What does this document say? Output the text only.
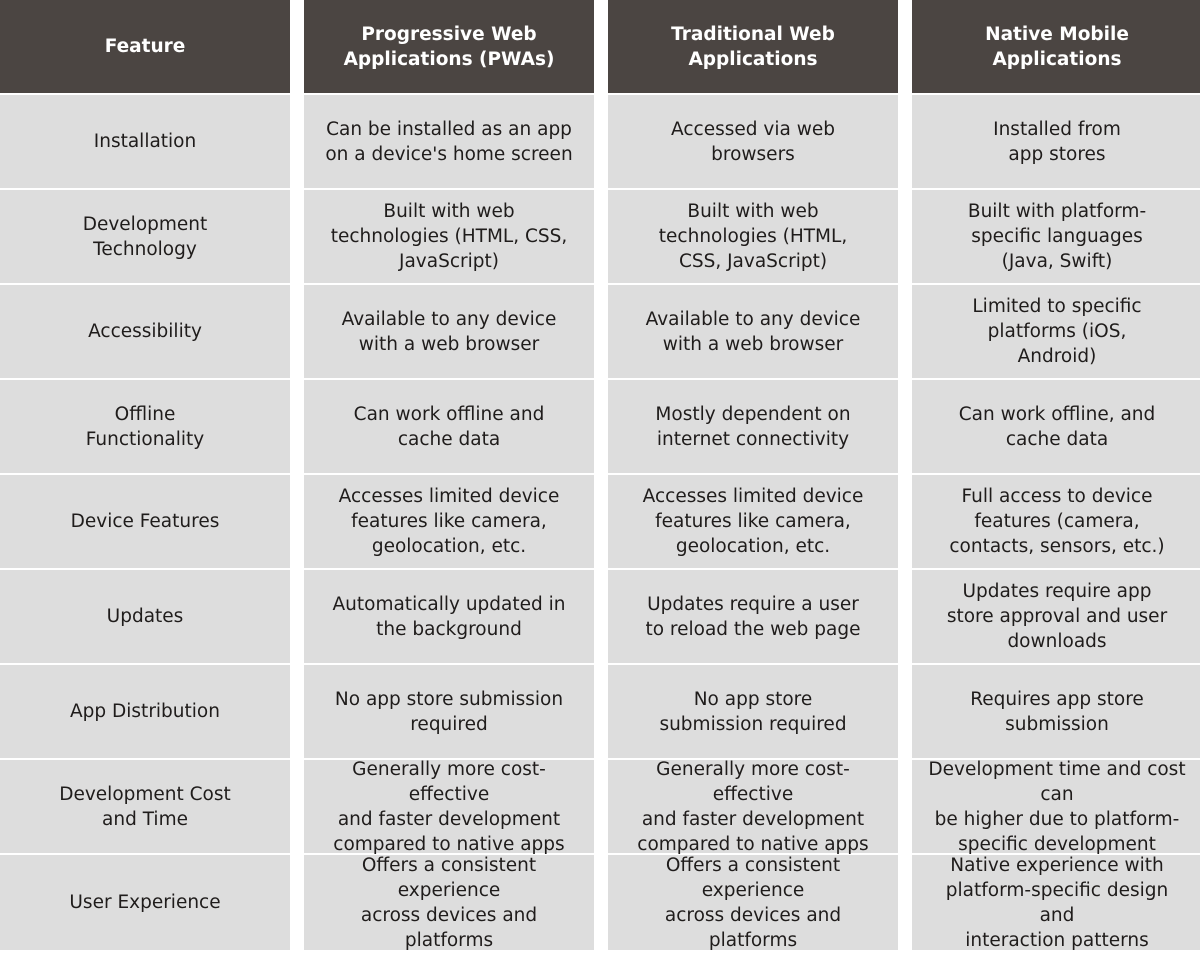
Feature
Progressive Web
Applications (PWAs)
Traditional Web
Applications
Native Mobile
Applications
Installation
Can be installed as an app
on a device's home screen
Accessed via web
browsers
Installed from
app stores
Development
Technology
Built with web
technologies (HTML, CSS,
JavaScript)
Built with web
technologies (HTML,
CSS, JavaScript)
Built with platform-
specific languages
(Java, Swift)
Accessibility
Available to any device
with a web browser
Available to any device
with a web browser
Limited to specific
platforms (iOS,
Android)
Offline
Functionality
Can work offline and
cache data
Mostly dependent on
internet connectivity
Can work offline, and
cache data
Device Features
Accesses limited device
features like camera,
geolocation, etc.
Accesses limited device
features like camera,
geolocation, etc.
Full access to device
features (camera,
contacts, sensors, etc.)
Updates
Automatically updated in
the background
Updates require a user
to reload the web page
Updates require app
store approval and user
downloads
App Distribution
No app store submission
required
No app store
submission required
Requires app store
submission
Development Cost
and Time
Generally more cost-effective
and faster development
compared to native apps
Generally more cost-effective
and faster development
compared to native apps
Development time and cost can
be higher due to platform-
specific development
User Experience
Offers a consistent experience
across devices and platforms
Offers a consistent experience
across devices and platforms
Native experience with
platform-specific design and
interaction patterns
